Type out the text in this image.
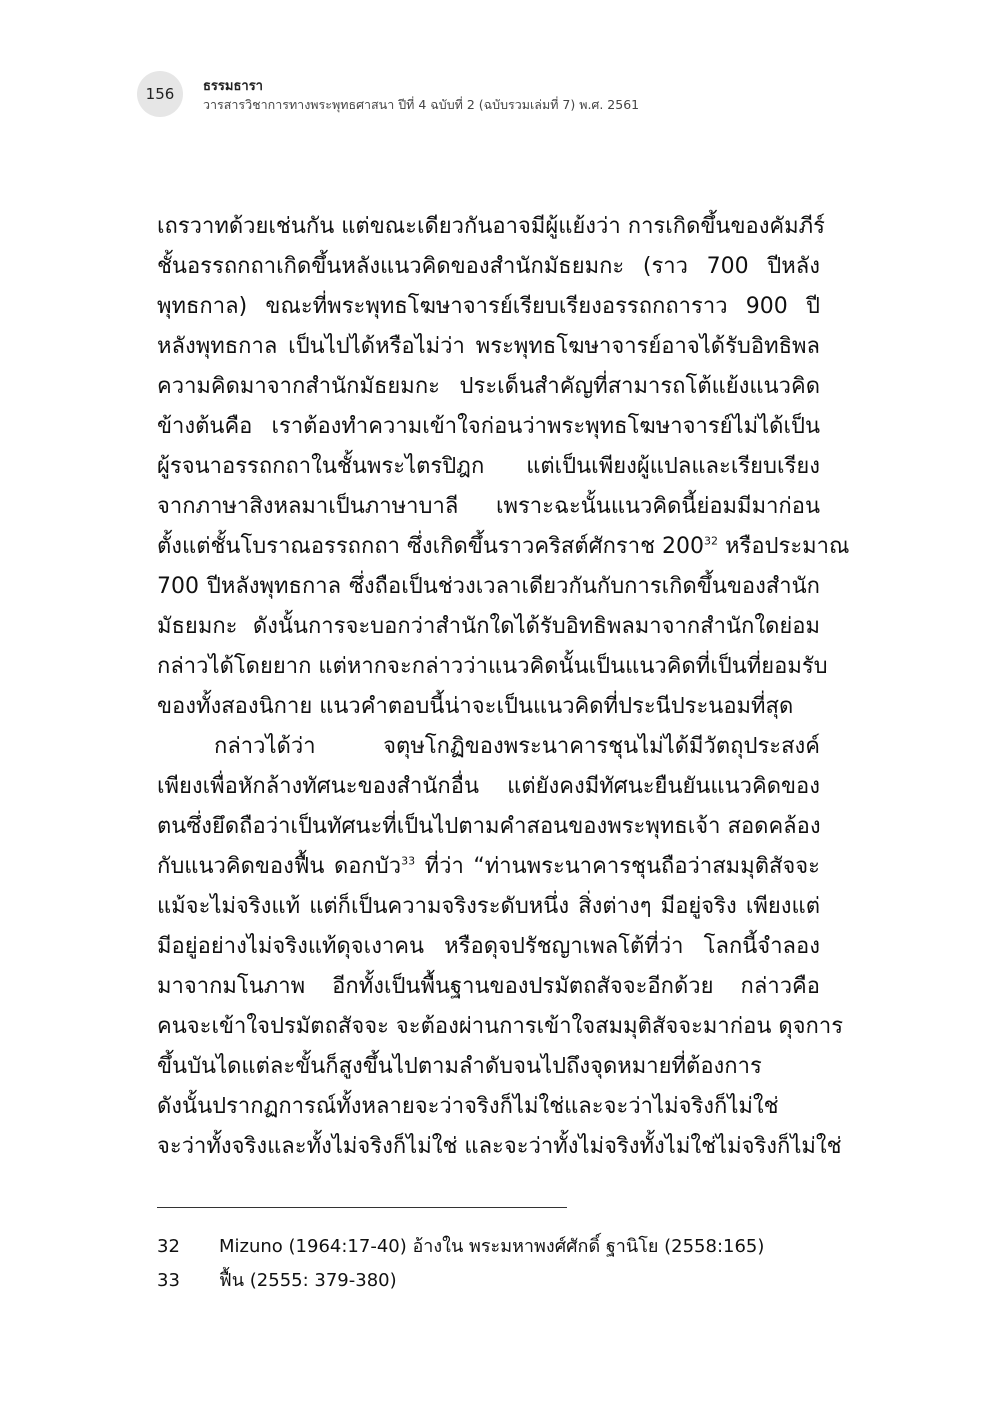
156 ธรรมธารา
วารสารวิชาการทางพระพุทธศาสนา ปีที่ 4 ฉบับที่ 2 (ฉบับรวมเล่มที่ 7) พ.ศ. 2561
เถรวาทด้วยเช่นกัน แต่ขณะเดียวกันอาจมีผู้แย้งว่า การเกิดขึ้นของคัมภีร์
ชั้นอรรถกถาเกิดขึ้นหลังแนวคิดของสำนักมัธยมกะ (ราว 700 ปีหลัง
พุทธกาล) ขณะที่พระพุทธโฆษาจารย์เรียบเรียงอรรถกถาราว 900 ปี
หลังพุทธกาล เป็นไปได้หรือไม่ว่า พระพุทธโฆษาจารย์อาจได้รับอิทธิพล
ความคิดมาจากสำนักมัธยมกะ ประเด็นสำคัญที่สามารถโต้แย้งแนวคิด
ข้างต้นคือ เราต้องทำความเข้าใจก่อนว่าพระพุทธโฆษาจารย์ไม่ได้เป็น
ผู้รจนาอรรถกถาในชั้นพระไตรปิฎก แต่เป็นเพียงผู้แปลและเรียบเรียง
จากภาษาสิงหลมาเป็นภาษาบาลี เพราะฉะนั้นแนวคิดนี้ย่อมมีมาก่อน
ตั้งแต่ชั้นโบราณอรรถกถา ซึ่งเกิดขึ้นราวคริสต์ศักราช $200^{32}$ หรือประมาณ
700 ปีหลังพุทธกาล ซึ่งถือเป็นช่วงเวลาเดียวกันกับการเกิดขึ้นของสำนัก
มัธยมกะ ดังนั้นการจะบอกว่าสำนักใดได้รับอิทธิพลมาจากสำนักใดย่อม
กล่าวได้โดยยาก แต่หากจะกล่าวว่าแนวคิดนั้นเป็นแนวคิดที่เป็นที่ยอมรับ
ของทั้งสองนิกาย แนวคำตอบนี้น่าจะเป็นแนวคิดที่ประนีประนอมที่สุด
กล่าวได้ว่า จตุษโกฏิของพระนาคารชุนไม่ได้มีวัตถุประสงค์
เพียงเพื่อหักล้างทัศนะของสำนักอื่น แต่ยังคงมีทัศนะยืนยันแนวคิดของ
ตนซึ่งยึดถือว่าเป็นทัศนะที่เป็นไปตามคำสอนของพระพุทธเจ้า สอดคล้อง
กับแนวคิดของฟื้น ดอกบัว$^{33}$ ที่ว่า “ท่านพระนาคารชุนถือว่าสมมุติสัจจะ
แม้จะไม่จริงแท้ แต่ก็เป็นความจริงระดับหนึ่ง สิ่งต่างๆ มีอยู่จริง เพียงแต่
มีอยู่อย่างไม่จริงแท้ดุจเงาคน หรือดุจปรัชญาเพลโต้ที่ว่า โลกนี้จำลอง
มาจากมโนภาพ อีกทั้งเป็นพื้นฐานของปรมัตถสัจจะอีกด้วย กล่าวคือ
คนจะเข้าใจปรมัตถสัจจะ จะต้องผ่านการเข้าใจสมมุติสัจจะมาก่อน ดุจการ
ขึ้นบันไดแต่ละขั้นก็สูงขึ้นไปตามลำดับจนไปถึงจุดหมายที่ต้องการ
ดังนั้นปรากฏการณ์ทั้งหลายจะว่าจริงก็ไม่ใช่และจะว่าไม่จริงก็ไม่ใช่
จะว่าทั้งจริงและทั้งไม่จริงก็ไม่ใช่ และจะว่าทั้งไม่จริงทั้งไม่ใช่ไม่จริงก็ไม่ใช่
32	Mizuno (1964:17-40) อ้างใน พระมหาพงศ์ศักดิ์ ฐานิโย (2558:165)
33	ฟื้น (2555: 379-380)
